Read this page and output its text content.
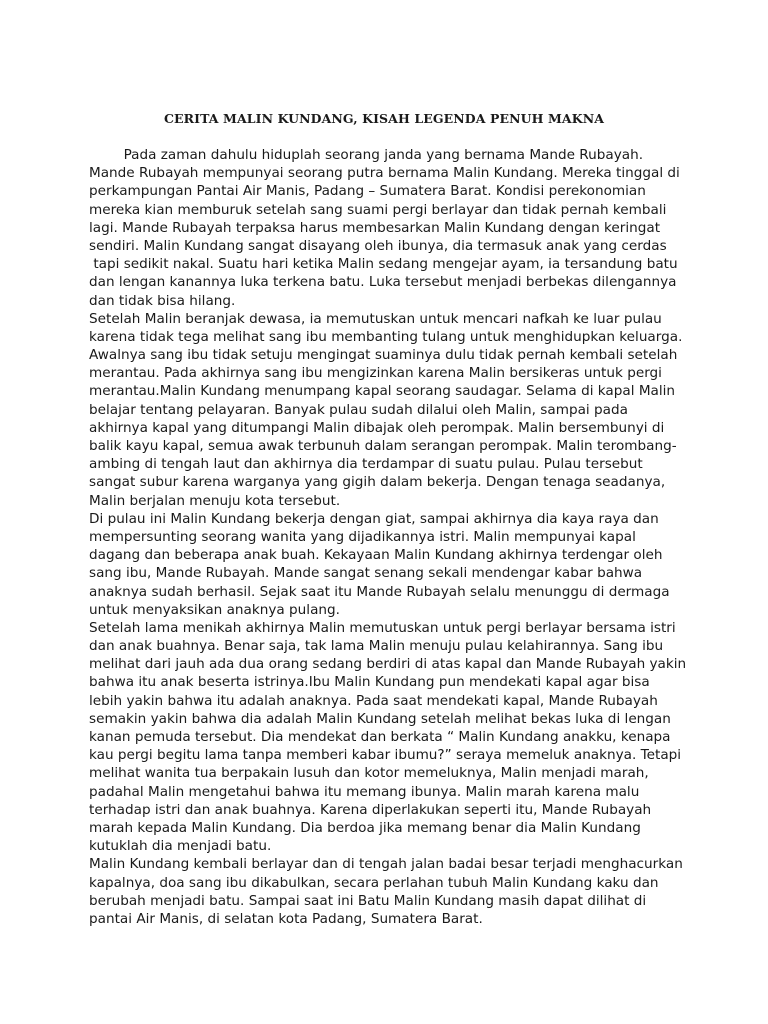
CERITA MALIN KUNDANG, KISAH LEGENDA PENUH MAKNA
Pada zaman dahulu hiduplah seorang janda yang bernama Mande Rubayah.
Mande Rubayah mempunyai seorang putra bernama Malin Kundang. Mereka tinggal di
perkampungan Pantai Air Manis, Padang – Sumatera Barat. Kondisi perekonomian
mereka kian memburuk setelah sang suami pergi berlayar dan tidak pernah kembali
lagi. Mande Rubayah terpaksa harus membesarkan Malin Kundang dengan keringat
sendiri. Malin Kundang sangat disayang oleh ibunya, dia termasuk anak yang cerdas
tapi sedikit nakal. Suatu hari ketika Malin sedang mengejar ayam, ia tersandung batu
dan lengan kanannya luka terkena batu. Luka tersebut menjadi berbekas dilengannya
dan tidak bisa hilang.
Setelah Malin beranjak dewasa, ia memutuskan untuk mencari nafkah ke luar pulau
karena tidak tega melihat sang ibu membanting tulang untuk menghidupkan keluarga.
Awalnya sang ibu tidak setuju mengingat suaminya dulu tidak pernah kembali setelah
merantau. Pada akhirnya sang ibu mengizinkan karena Malin bersikeras untuk pergi
merantau.Malin Kundang menumpang kapal seorang saudagar. Selama di kapal Malin
belajar tentang pelayaran. Banyak pulau sudah dilalui oleh Malin, sampai pada
akhirnya kapal yang ditumpangi Malin dibajak oleh perompak. Malin bersembunyi di
balik kayu kapal, semua awak terbunuh dalam serangan perompak. Malin terombang-
ambing di tengah laut dan akhirnya dia terdampar di suatu pulau. Pulau tersebut
sangat subur karena warganya yang gigih dalam bekerja. Dengan tenaga seadanya,
Malin berjalan menuju kota tersebut.
Di pulau ini Malin Kundang bekerja dengan giat, sampai akhirnya dia kaya raya dan
mempersunting seorang wanita yang dijadikannya istri. Malin mempunyai kapal
dagang dan beberapa anak buah. Kekayaan Malin Kundang akhirnya terdengar oleh
sang ibu, Mande Rubayah. Mande sangat senang sekali mendengar kabar bahwa
anaknya sudah berhasil. Sejak saat itu Mande Rubayah selalu menunggu di dermaga
untuk menyaksikan anaknya pulang.
Setelah lama menikah akhirnya Malin memutuskan untuk pergi berlayar bersama istri
dan anak buahnya. Benar saja, tak lama Malin menuju pulau kelahirannya. Sang ibu
melihat dari jauh ada dua orang sedang berdiri di atas kapal dan Mande Rubayah yakin
bahwa itu anak beserta istrinya.Ibu Malin Kundang pun mendekati kapal agar bisa
lebih yakin bahwa itu adalah anaknya. Pada saat mendekati kapal, Mande Rubayah
semakin yakin bahwa dia adalah Malin Kundang setelah melihat bekas luka di lengan
kanan pemuda tersebut. Dia mendekat dan berkata “ Malin Kundang anakku, kenapa
kau pergi begitu lama tanpa memberi kabar ibumu?” seraya memeluk anaknya. Tetapi
melihat wanita tua berpakain lusuh dan kotor memeluknya, Malin menjadi marah,
padahal Malin mengetahui bahwa itu memang ibunya. Malin marah karena malu
terhadap istri dan anak buahnya. Karena diperlakukan seperti itu, Mande Rubayah
marah kepada Malin Kundang. Dia berdoa jika memang benar dia Malin Kundang
kutuklah dia menjadi batu.
Malin Kundang kembali berlayar dan di tengah jalan badai besar terjadi menghacurkan
kapalnya, doa sang ibu dikabulkan, secara perlahan tubuh Malin Kundang kaku dan
berubah menjadi batu. Sampai saat ini Batu Malin Kundang masih dapat dilihat di
pantai Air Manis, di selatan kota Padang, Sumatera Barat.
